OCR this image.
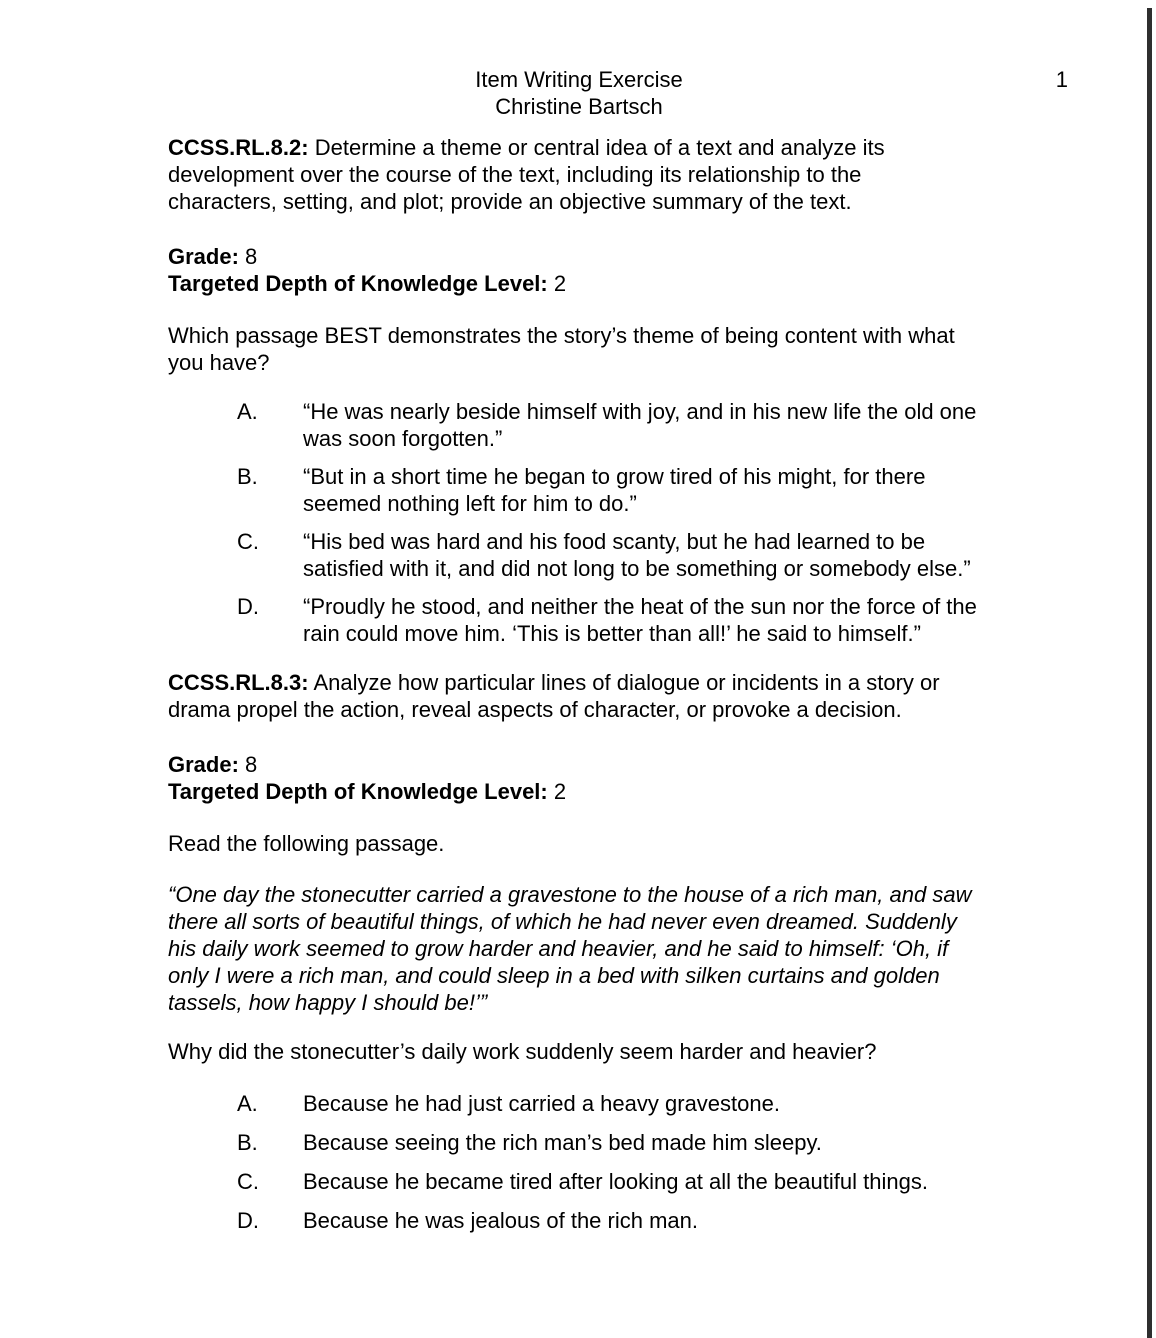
1
Item Writing Exercise
Christine Bartsch

CCSS.RL.8.2: Determine a theme or central idea of a text and analyze its development over the course of the text, including its relationship to the characters, setting, and plot; provide an objective summary of the text.

Grade: 8
Targeted Depth of Knowledge Level: 2

Which passage BEST demonstrates the story’s theme of being content with what you have?

A.	“He was nearly beside himself with joy, and in his new life the old one was soon forgotten.”
B.	“But in a short time he began to grow tired of his might, for there seemed nothing left for him to do.”
C.	“His bed was hard and his food scanty, but he had learned to be satisfied with it, and did not long to be something or somebody else.”
D.	“Proudly he stood, and neither the heat of the sun nor the force of the rain could move him. ‘This is better than all!’ he said to himself.”

CCSS.RL.8.3: Analyze how particular lines of dialogue or incidents in a story or drama propel the action, reveal aspects of character, or provoke a decision.

Grade: 8
Targeted Depth of Knowledge Level: 2

Read the following passage.

“One day the stonecutter carried a gravestone to the house of a rich man, and saw there all sorts of beautiful things, of which he had never even dreamed. Suddenly his daily work seemed to grow harder and heavier, and he said to himself: ‘Oh, if only I were a rich man, and could sleep in a bed with silken curtains and golden tassels, how happy I should be!’”

Why did the stonecutter’s daily work suddenly seem harder and heavier?

A.	Because he had just carried a heavy gravestone.
B.	Because seeing the rich man’s bed made him sleepy.
C.	Because he became tired after looking at all the beautiful things.
D.	Because he was jealous of the rich man.
